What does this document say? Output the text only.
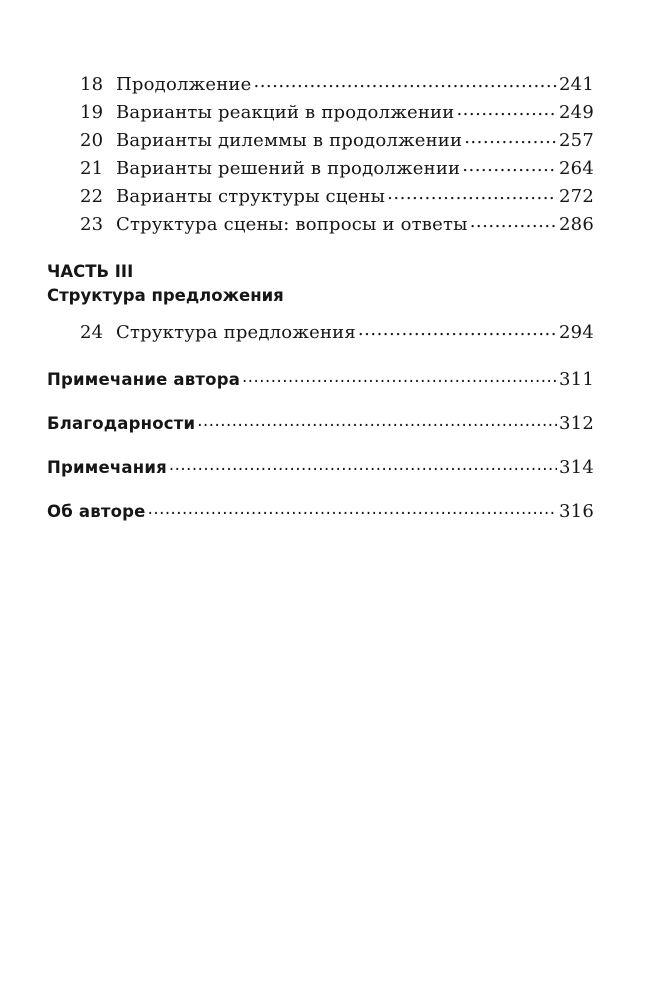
18 Продолжение .....	241
19 Варианты реакций в продолжении .....	249
20 Варианты дилеммы в продолжении .....	257
21 Варианты решений в продолжении .....	264
22 Варианты структуры сцены .....	272
23 Структура сцены: вопросы и ответы .....	286
ЧАСТЬ III
Структура предложения
24 Структура предложения .....	294
Примечание автора .....	311
Благодарности .....	312
Примечания .....	314
Об авторе .....	316
